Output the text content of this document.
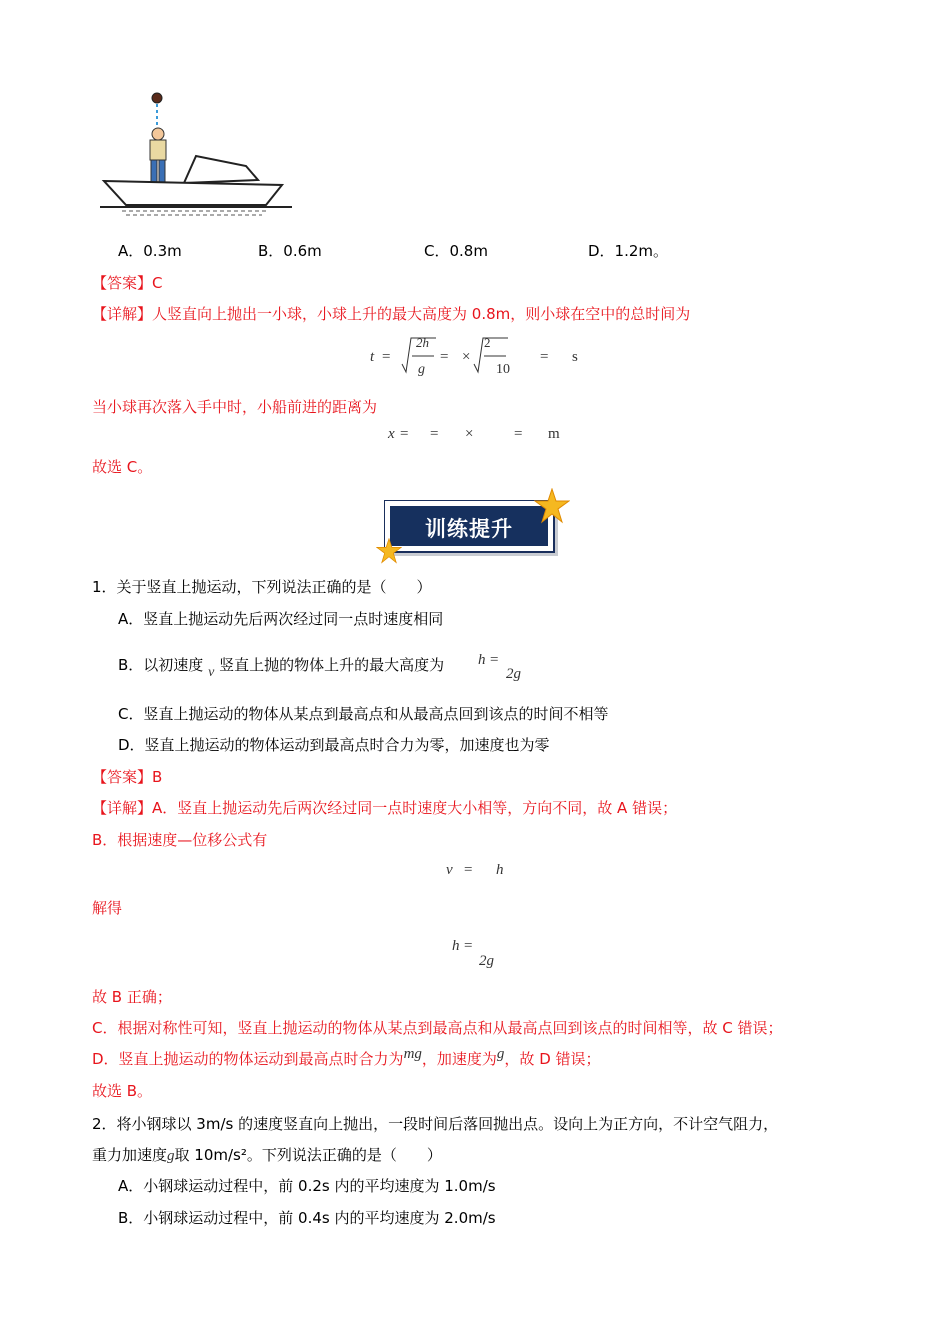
A．0.3m	B．0.6m	C．0.8m	D．1.2m。
【答案】C
【详解】人竖直向上抛出一小球，小球上升的最大高度为 0.8m，则小球在空中的总时间为
t =
2h
g
= ×
2
10
= s
当小球再次落入手中时，小船前进的距离为
x = = ×	= m
故选 C。
训练提升
1．关于竖直上抛运动，下列说法正确的是（　　）
A．竖直上抛运动先后两次经过同一点时速度相同
B．以初速度 v 竖直上抛的物体上升的最大高度为 h =
2g
C．竖直上抛运动的物体从某点到最高点和从最高点回到该点的时间不相等
D．竖直上抛运动的物体运动到最高点时合力为零，加速度也为零
【答案】B
【详解】A．竖直上抛运动先后两次经过同一点时速度大小相等，方向不同，故 A 错误；
B．根据速度—位移公式有
v = h
解得
h =
2g
故 B 正确；
C．根据对称性可知，竖直上抛运动的物体从某点到最高点和从最高点回到该点的时间相等，故 C 错误；
D．竖直上抛运动的物体运动到最高点时合力为mg，加速度为g，故 D 错误；
故选 B。
2．将小钢球以 3m/s 的速度竖直向上抛出，一段时间后落回抛出点。设向上为正方向，不计空气阻力，
重力加速度g取 10m/s²。下列说法正确的是（　　）
A．小钢球运动过程中，前 0.2s 内的平均速度为 1.0m/s
B．小钢球运动过程中，前 0.4s 内的平均速度为 2.0m/s
